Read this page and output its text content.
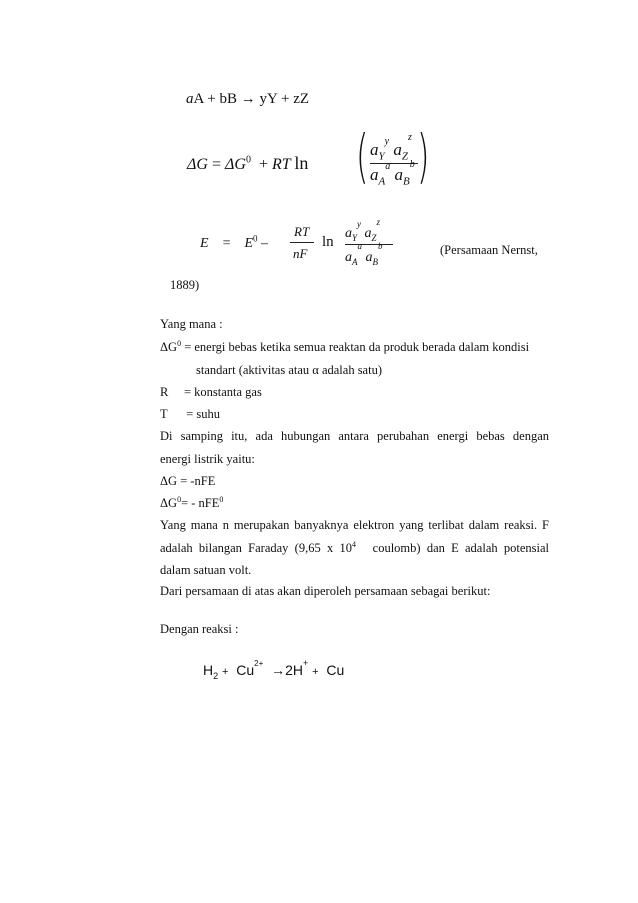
aA + bB → yY + zZ
$\Delta G = \Delta G^0$ + RT ln ( )
$a_Y^y$ $a_Z^z$
$a_A^a$ $a_B^b$
$E = E^0$ –
RT
nF
ln
$a_Y^y$ $a_Z^z$
$a_A^a$ $a_B^b$	(Persamaan Nernst,
1889)
Yang mana :
$\Delta G^0$ = energi bebas ketika semua reaktan da produk berada dalam kondisi
standart (aktivitas atau α adalah satu)
R     = konstanta gas
T      = suhu
Di  samping  itu,  ada  hubungan  antara  perubahan  energi  bebas  dengan
energi listrik yaitu:
ΔG = -nFE
$\Delta G^0= - nFE^0$
Yang mana n merupakan banyaknya elektron yang terlibat dalam reaksi. F
adalah  bilangan  Faraday  (9,65  x  $10^4$ coulomb)  dan  E  adalah  potensial
dalam satuan volt.
Dari persamaan di atas akan diperoleh persamaan sebagai berikut:
Dengan reaksi :
$H_2 + Cu^{2+} \to 2H^+ + Cu$
